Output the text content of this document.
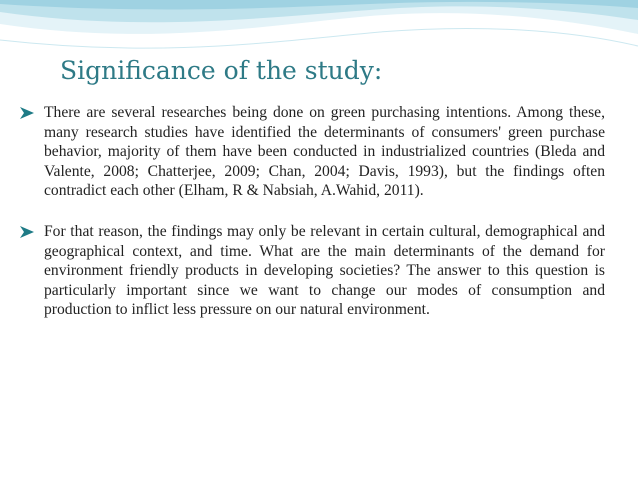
Significance of the study:

There are several researches being done on green purchasing intentions. Among these, many research studies have identified the determinants of consumers' green purchase behavior, majority of them have been conducted in industrialized countries (Bleda and Valente, 2008; Chatterjee, 2009; Chan, 2004; Davis, 1993), but the findings often contradict each other (Elham, R & Nabsiah, A.Wahid, 2011).

For that reason, the findings may only be relevant in certain cultural, demographical and geographical context, and time. What are the main determinants of the demand for environment friendly products in developing societies? The answer to this question is particularly important since we want to change our modes of consumption and production to inflict less pressure on our natural environment.
